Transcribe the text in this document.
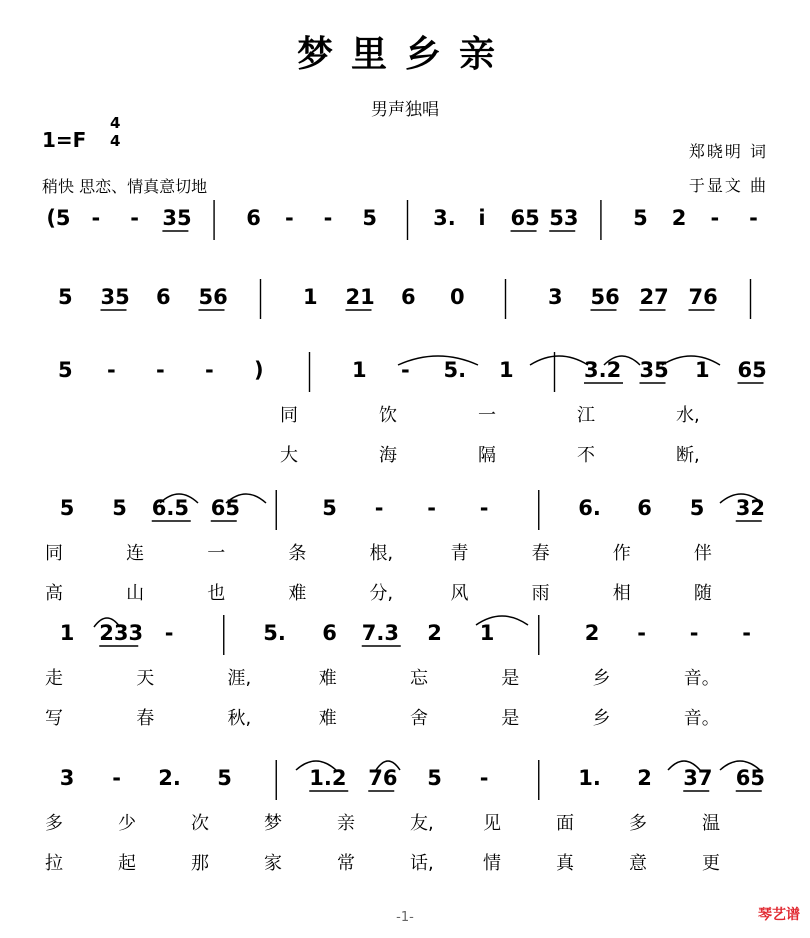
梦里乡亲
男声独唱
1=F
4
4
稍快 思恋、情真意切地
郑晓明 词
于显文 曲
(5 - - 35	6 - - 5	3. i 65 53	5 2 - -
5 35 6 56	1 21 6 0	3 56 27 76
5 - - - )	1 - 5. 1	3.2 35 1 65
同	饮	一	江	水,
大	海	隔	不	断,
5 5 6.5 65	5 - - -	6. 6 5 32
同	连	一	条	根,	青	春	作	伴
高	山	也	难	分,	风	雨	相	随
1 233 -	5. 6 7.3 2 1	2 - - -
走	天	涯,	难	忘	是	乡	音。
写	春	秋,	难	舍	是	乡	音。
3 - 2. 5	1.2 76 5 -	1. 2 37 65
多	少	次	梦	亲	友,	见	面	多	温
拉	起	那	家	常	话,	情	真	意	更
-1-	琴艺谱
